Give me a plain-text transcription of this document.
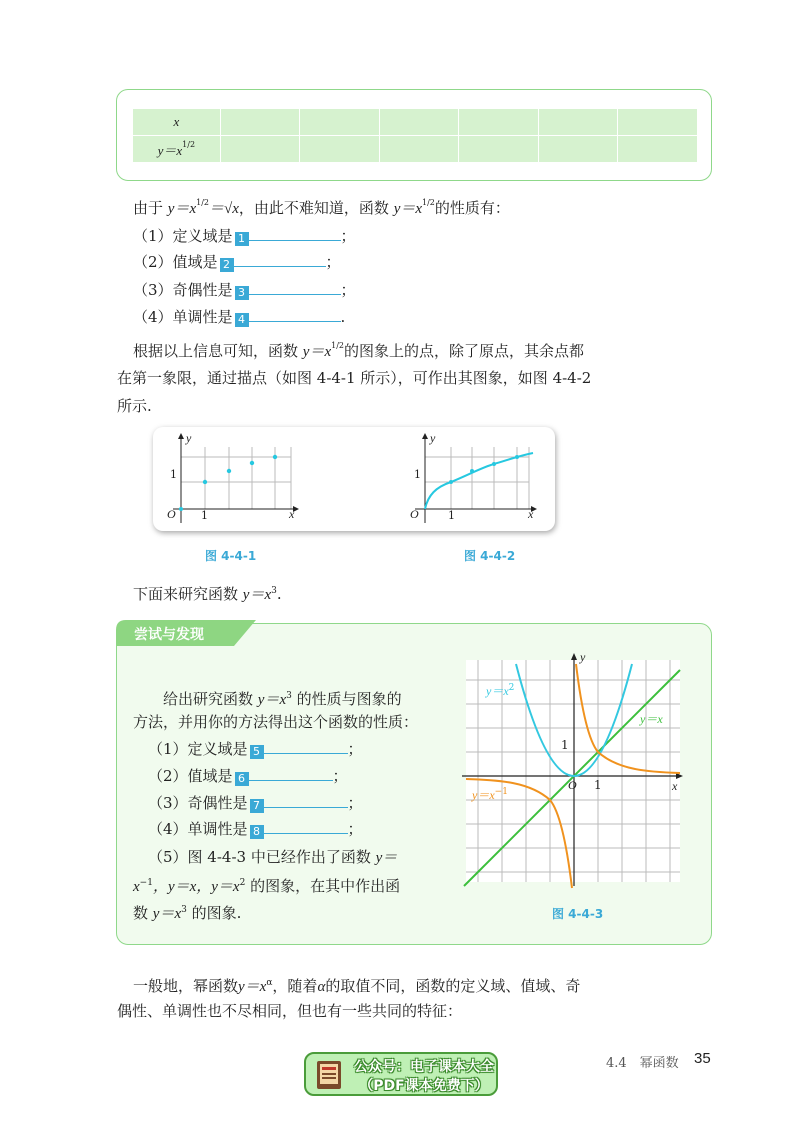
x						
y＝x1/2						
由于 y＝x1/2＝√x，由此不难知道，函数 y＝x1/2的性质有：
（1）定义域是 1	；
（2）值域是 2	；
（3）奇偶性是 3	；
（4）单调性是 4	.
根据以上信息可知，函数 y＝x1/2的图象上的点，除了原点，其余点都
在第一象限，通过描点（如图 4-4-1 所示），可作出其图象，如图 4-4-2
所示.
y
x
O 1
1
y
x
O	1
1
图 4-4-1	图 4-4-2
下面来研究函数 $y=x^3$.
尝试与发现
给出研究函数 $y=x^3$ 的性质与图象的
方法，并用你的方法得出这个函数的性质：
（1）定义域是 5	；
（2）值域是 6	；
（3）奇偶性是 7	；
（4）单调性是 8	；
（5）图 4-4-3 中已经作出了函数 y＝
$x^{-1}$，y＝x，$y=x^2$ 的图象，在其中作出函
数 $y=x^3$ 的图象.
$y=x^2$
y＝x
$y=x^{-1}$
y
x
O 1
1
图 4-4-3
一般地，幂函数$y=x^\alpha$，随着α的取值不同，函数的定义域、值域、奇
偶性、单调性也不尽相同，但也有一些共同的特征：
4.4　幂函数 35
公众号：电子课本大全
（PDF课本免费下）
